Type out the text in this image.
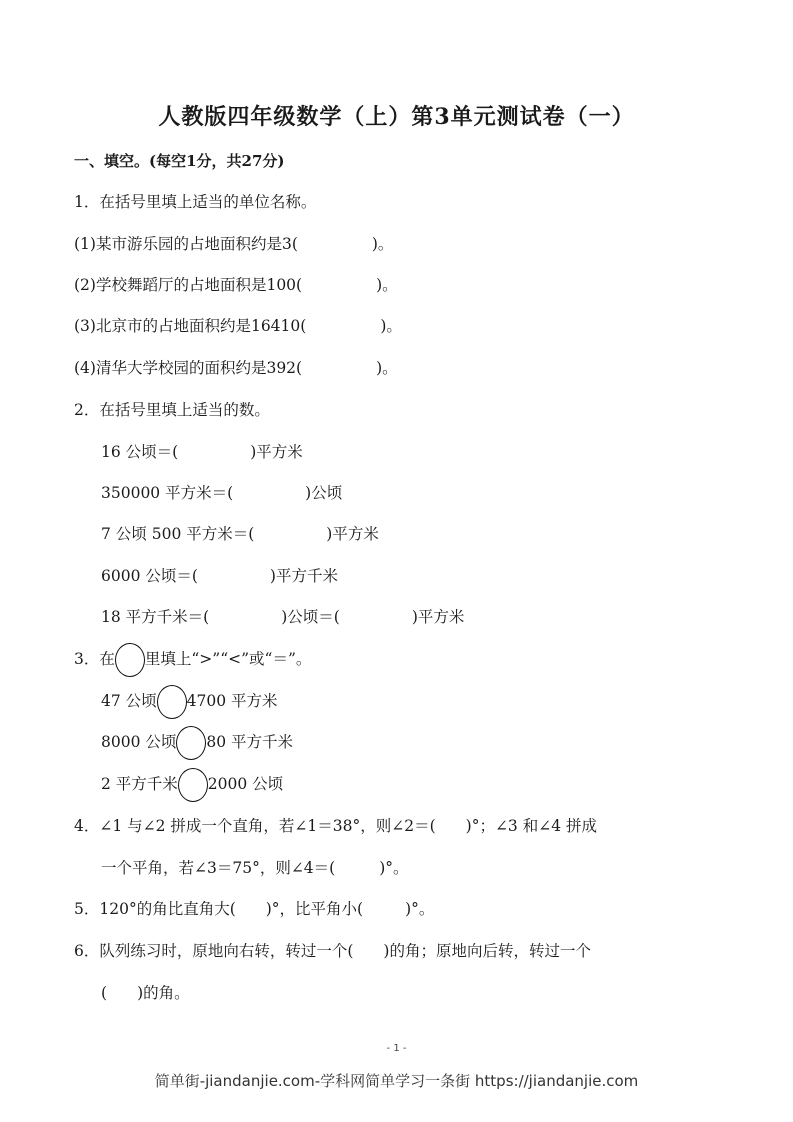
人教版四年级数学（上）第3单元测试卷（一）
一、填空。(每空1分，共27分)
1．在括号里填上适当的单位名称。
(1)某市游乐园的占地面积约是3(	)。
(2)学校舞蹈厅的占地面积是100(	)。
(3)北京市的占地面积约是16410(	)。
(4)清华大学校园的面积约是392(	)。
2．在括号里填上适当的数。
16 公顷＝(	)平方米
350000 平方米＝(	)公顷
7 公顷 500 平方米＝(	)平方米
6000 公顷＝(	)平方千米
18 平方千米＝(	)公顷＝(	)平方米
3．在 里填上“>”“<”或“＝”。
47 公顷 4700 平方米
8000 公顷 80 平方千米
2 平方千米 2000 公顷
4．∠1 与∠2 拼成一个直角，若∠1＝38°，则∠2＝( )°；∠3 和∠4 拼成
一个平角，若∠3＝75°，则∠4＝(	)°。
5．120°的角比直角大( )°，比平角小(	)°。
6．队列练习时，原地向右转，转过一个( )的角；原地向后转，转过一个
( )的角。
- 1 -
简单街-jiandanjie.com-学科网简单学习一条街 https://jiandanjie.com
